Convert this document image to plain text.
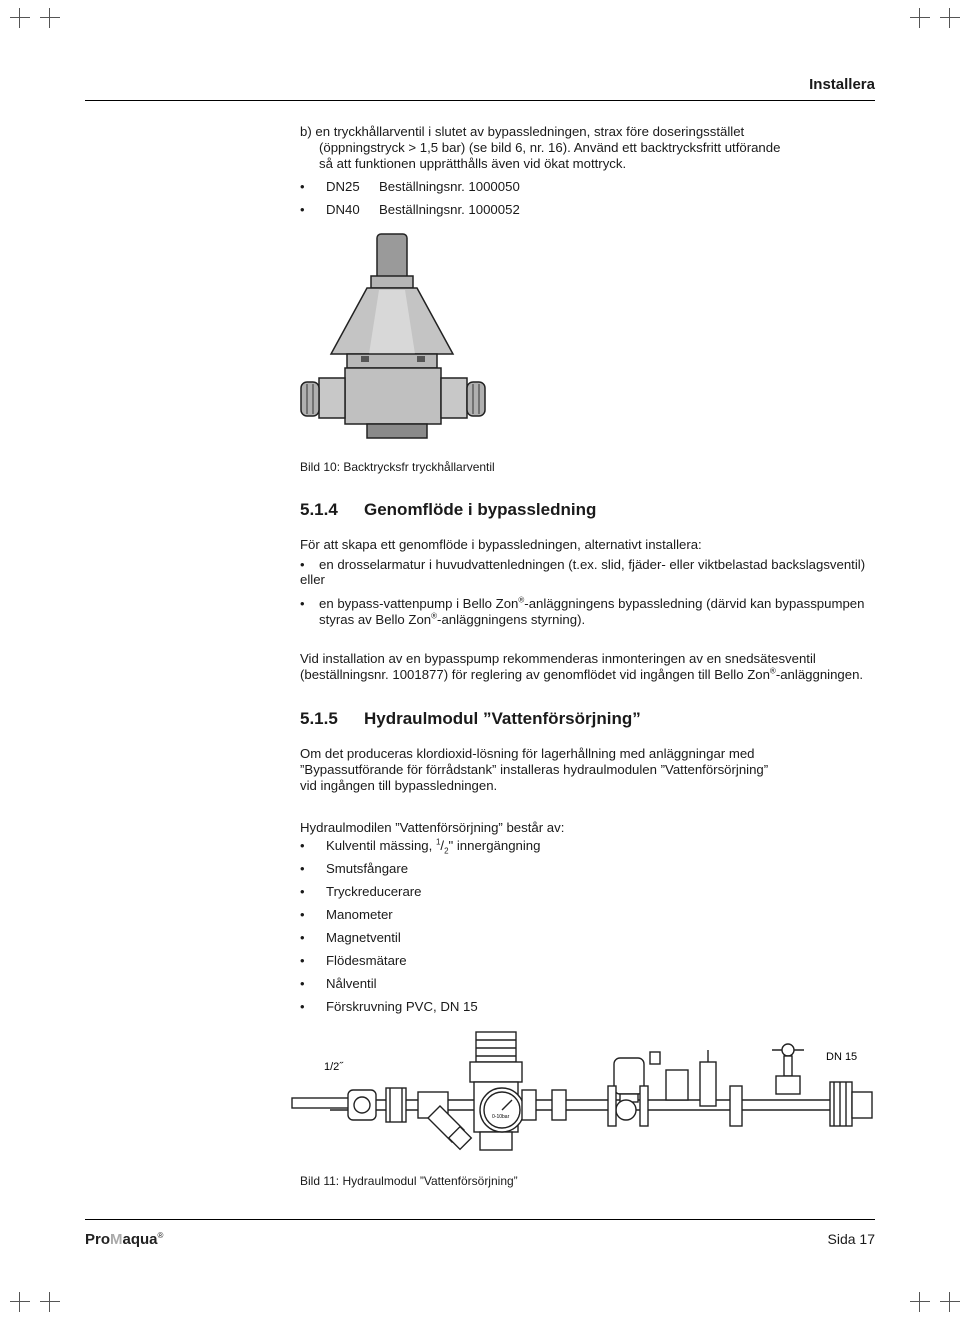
Installera
b) en tryckhållarventil i slutet av bypassledningen, strax före doseringsstället
(öppningstryck > 1,5 bar) (se bild 6, nr. 16). Använd ett backtrycksfritt utförande
så att funktionen upprätthålls även vid ökat mottryck.
•
DN25 Beställningsnr. 1000050
•
DN40 Beställningsnr. 1000052
Bild 10: Backtrycksfr tryckhållarventil
5.1.4 Genomflöde i bypassledning
För att skapa ett genomflöde i bypassledningen, alternativt installera:
•
en drosselarmatur i huvudvattenledningen (t.ex. slid, fjäder- eller viktbelastad backslagsventil)
eller
•
en bypass-vattenpump i Bello Zon®-anläggningens bypassledning (därvid kan bypasspumpen
styras av Bello Zon®-anläggningens styrning).
Vid installation av en bypasspump rekommenderas inmonteringen av en snedsätesventil
(beställningsnr. 1001877) för reglering av genomflödet vid ingången till Bello Zon®-anläggningen.
5.1.5 Hydraulmodul ”Vattenförsörjning”
Om det produceras klordioxid-lösning för lagerhållning med anläggningar med
”Bypassutförande för förrådstank” installeras hydraulmodulen ”Vattenförsörjning”
vid ingången till bypassledningen.
Hydraulmodilen ”Vattenförsörjning” består av:
•
Kulventil mässing, $^1/_2$" innergängning
•
Smutsfångare
•
Tryckreducerare
•
Manometer
•
Magnetventil
•
Flödesmätare
•
Nålventil
•
Förskruvning PVC, DN 15
1/2˝
DN 15
0-10bar
Bild 11: Hydraulmodul ”Vattenförsörjning”
ProMaqua®	Sida 17
